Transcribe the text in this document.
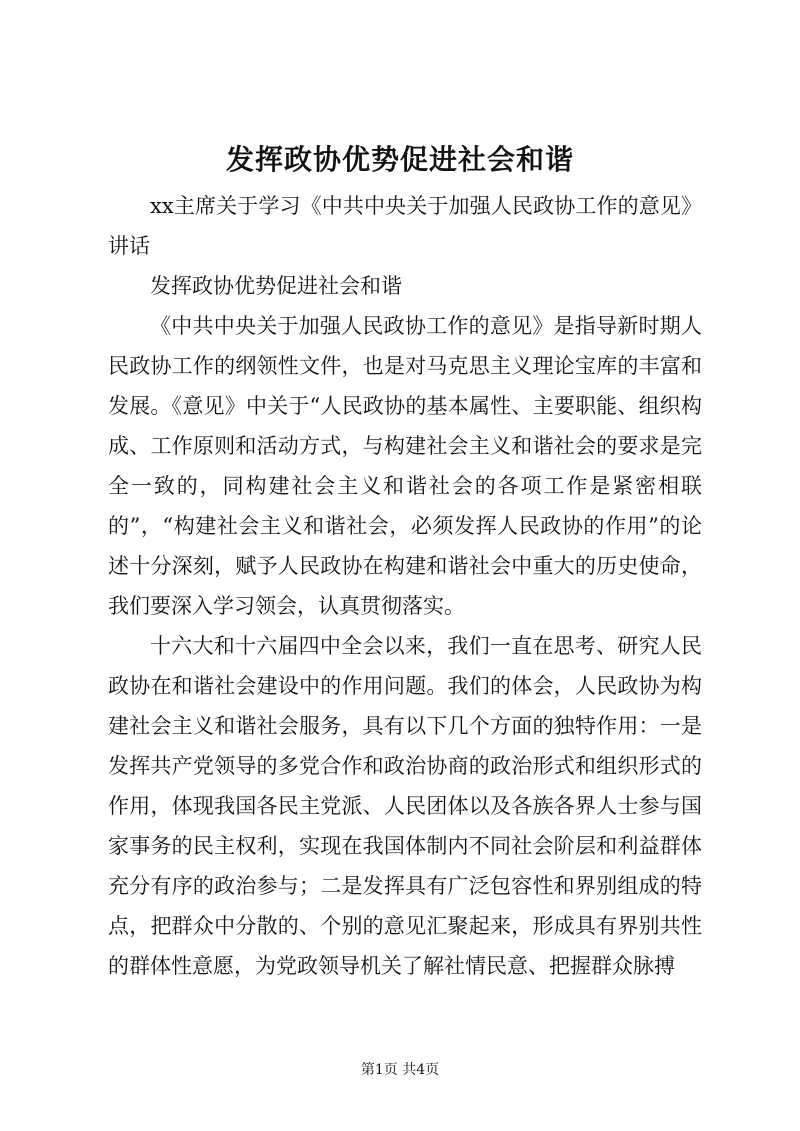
发挥政协优势促进社会和谐

xx主席关于学习《中共中央关于加强人民政协工作的意见》讲话

发挥政协优势促进社会和谐

《中共中央关于加强人民政协工作的意见》是指导新时期人民政协工作的纲领性文件，也是对马克思主义理论宝库的丰富和发展。《意见》中关于“人民政协的基本属性、主要职能、组织构成、工作原则和活动方式，与构建社会主义和谐社会的要求是完全一致的，同构建社会主义和谐社会的各项工作是紧密相联的”，“构建社会主义和谐社会，必须发挥人民政协的作用”的论述十分深刻，赋予人民政协在构建和谐社会中重大的历史使命，我们要深入学习领会，认真贯彻落实。

十六大和十六届四中全会以来，我们一直在思考、研究人民政协在和谐社会建设中的作用问题。我们的体会，人民政协为构建社会主义和谐社会服务，具有以下几个方面的独特作用：一是发挥共产党领导的多党合作和政治协商的政治形式和组织形式的作用，体现我国各民主党派、人民团体以及各族各界人士参与国家事务的民主权利，实现在我国体制内不同社会阶层和利益群体充分有序的政治参与；二是发挥具有广泛包容性和界别组成的特点，把群众中分散的、个别的意见汇聚起来，形成具有界别共性的群体性意愿，为党政领导机关了解社情民意、把握群众脉搏

第1页 共4页
